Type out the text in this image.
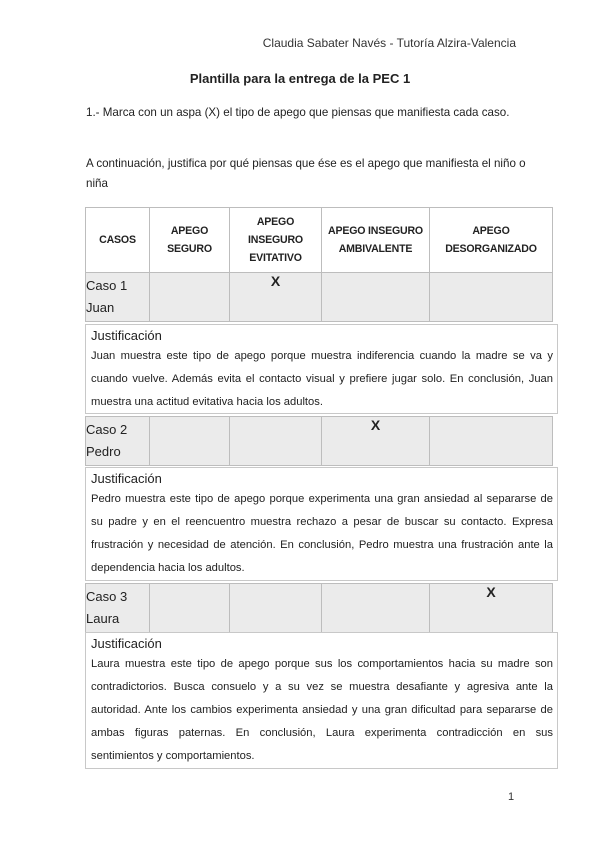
Claudia Sabater Navés - Tutoría Alzira-Valencia
Plantilla para la entrega de la PEC 1
1.- Marca con un aspa (X) el tipo de apego que piensas que manifiesta cada caso.
A continuación, justifica por qué piensas que ése es el apego que manifiesta el niño o niña
CASOS	APEGO SEGURO	APEGO INSEGURO EVITATIVO	APEGO INSEGURO AMBIVALENTE	APEGO DESORGANIZADO

Caso 1
Juan		X		

Caso 2
Pedro			X	

Caso 3
Laura				X
Justificación
Juan muestra este tipo de apego porque muestra indiferencia cuando la madre se va y cuando vuelve. Además evita el contacto visual y prefiere jugar solo. En conclusión, Juan muestra una actitud evitativa hacia los adultos.
Justificación
Pedro muestra este tipo de apego porque experimenta una gran ansiedad al separarse de su padre y en el reencuentro muestra rechazo a pesar de buscar su contacto. Expresa frustración y necesidad de atención. En conclusión, Pedro muestra una frustración ante la dependencia hacia los adultos.
Justificación
Laura muestra este tipo de apego porque sus los comportamientos hacia su madre son contradictorios. Busca consuelo y a su vez se muestra desafiante y agresiva ante la autoridad. Ante los cambios experimenta ansiedad y una gran dificultad para separarse de ambas figuras paternas. En conclusión, Laura experimenta contradicción en sus sentimientos y comportamientos.
1
